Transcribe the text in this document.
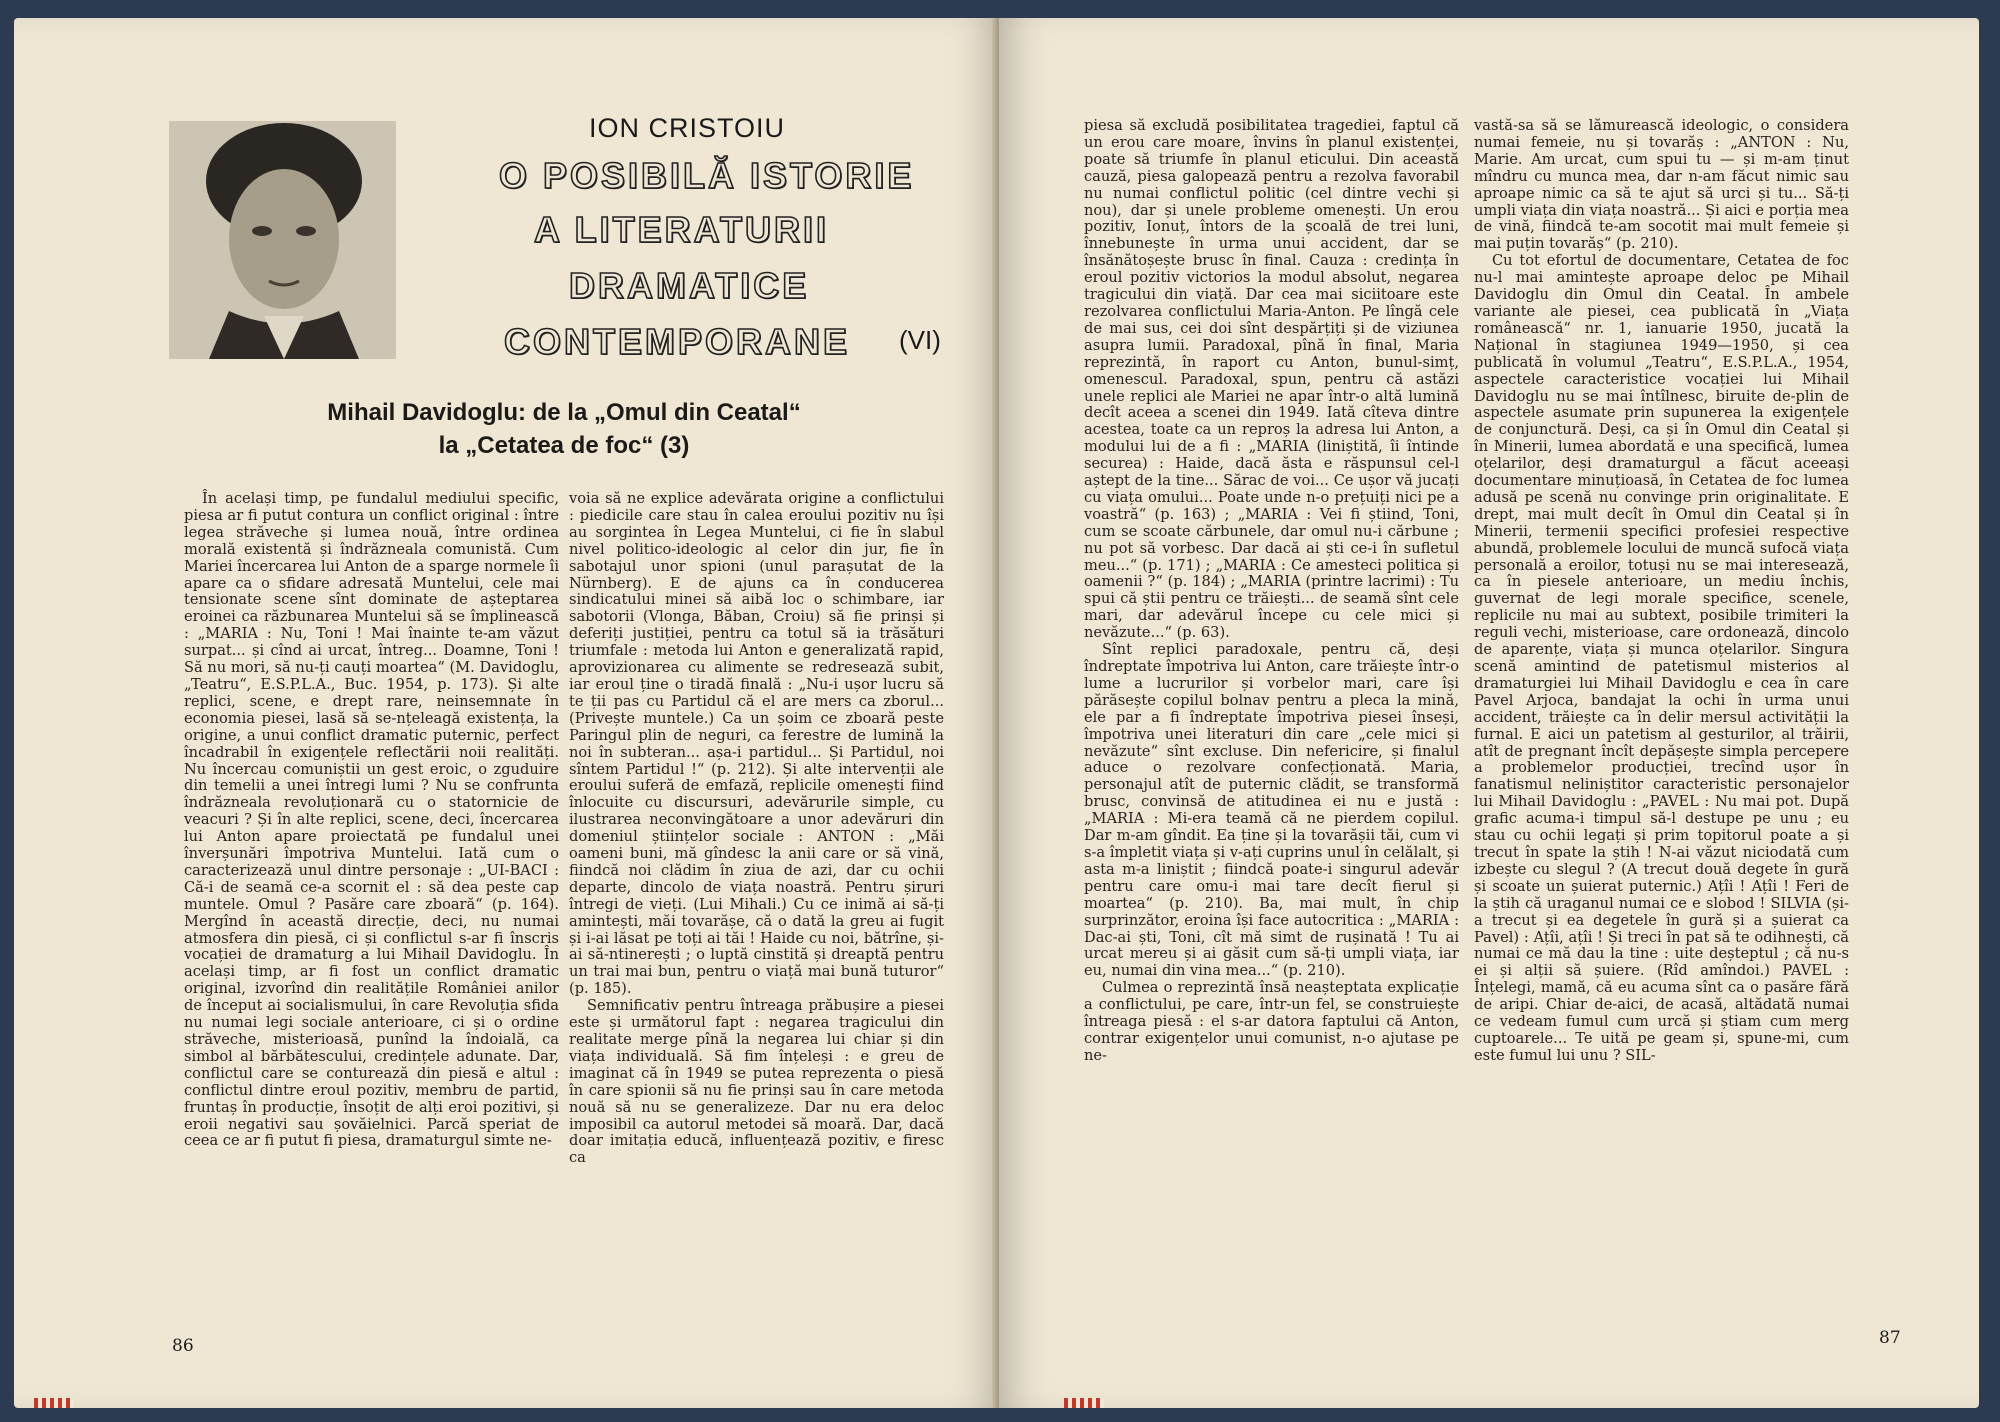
ION CRISTOIU
O POSIBILĂ ISTORIE
A LITERATURII
DRAMATICE
CONTEMPORANE (VI)
Mihail Davidoglu: de la „Omul din Ceatal“
la „Cetatea de foc“ (3)

În același timp, pe fundalul mediului specific, piesa ar fi putut contura un conflict original : între legea străveche și lumea nouă, între ordinea morală existentă și îndrăzneala comunistă. Cum Mariei încercarea lui Anton de a sparge normele îi apare ca o sfidare adresată Muntelui, cele mai tensionate scene sînt dominate de așteptarea eroinei ca răzbunarea Muntelui să se împlinească : „MARIA : Nu, Toni ! Mai înainte te-am văzut surpat... și cînd ai urcat, întreg... Doamne, Toni ! Să nu mori, să nu-ți cauți moartea“ (M. Davidoglu, „Teatru“, E.S.P.L.A., Buc. 1954, p. 173). Și alte replici, scene, e drept rare, neinsemnate în economia piesei, lasă să se-nțeleagă existența, la origine, a unui conflict dramatic puternic, perfect încadrabil în exigențele reflectării noii realități. Nu încercau comuniștii un gest eroic, o zguduire din temelii a unei întregi lumi ? Nu se confrunta îndrăzneala revoluționară cu o statornicie de veacuri ? Și în alte replici, scene, deci, încercarea lui Anton apare proiectată pe fundalul unei înverșunări împotriva Muntelui. Iată cum o caracterizează unul dintre personaje : „UI-BACI : Că-i de seamă ce-a scornit el : să dea peste cap muntele. Omul ? Pasăre care zboară“ (p. 164). Mergînd în această direcție, deci, nu numai atmosfera din piesă, ci și conflictul s-ar fi înscris vocației de dramaturg a lui Mihail Davidoglu. În același timp, ar fi fost un conflict dramatic original, izvorînd din realitățile României anilor de început ai socialismului, în care Revoluția sfida nu numai legi sociale anterioare, ci și o ordine străveche, misterioasă, punînd la îndoială, ca simbol al bărbătescului, credințele adunate. Dar, conflictul care se conturează din piesă e altul : conflictul dintre eroul pozitiv, membru de partid, fruntaș în producție, însoțit de alți eroi pozitivi, și eroii negativi sau șovăielnici. Parcă speriat de ceea ce ar fi putut fi piesa, dramaturgul simte ne-

voia să ne explice adevărata origine a conflictului : piedicile care stau în calea eroului pozitiv nu își au sorgintea în Legea Muntelui, ci fie în slabul nivel politico-ideologic al celor din jur, fie în sabotajul unor spioni (unul parașutat de la Nürnberg). E de ajuns ca în conducerea sindicatului minei să aibă loc o schimbare, iar sabotorii (Vlonga, Băban, Croiu) să fie prinși și deferiți justiției, pentru ca totul să ia trăsături triumfale : metoda lui Anton e generalizată rapid, aprovizionarea cu alimente se redresează subit, iar eroul ține o tiradă finală : „Nu-i ușor lucru să te ții pas cu Partidul că el are mers ca zborul... (Privește muntele.) Ca un șoim ce zboară peste Paringul plin de neguri, ca ferestre de lumină la noi în subteran... așa-i partidul... Și Partidul, noi sîntem Partidul !“ (p. 212). Și alte intervenții ale eroului suferă de emfază, replicile omenești fiind înlocuite cu discursuri, adevărurile simple, cu ilustrarea neconvingătoare a unor adevăruri din domeniul științelor sociale : ANTON : „Măi oameni buni, mă gîndesc la anii care or să vină, fiindcă noi clădim în ziua de azi, dar cu ochii departe, dincolo de viața noastră. Pentru șiruri întregi de vieți. (Lui Mihali.) Cu ce inimă ai să-ți amintești, măi tovarășe, că o dată la greu ai fugit și i-ai lăsat pe toți ai tăi ! Haide cu noi, bătrîne, și-ai să-ntinerești ; o luptă cinstită și dreaptă pentru un trai mai bun, pentru o viață mai bună tuturor“ (p. 185).

Semnificativ pentru întreaga prăbușire a piesei este și următorul fapt : negarea tragicului din realitate merge pînă la negarea lui chiar și din viața individuală. Să fim înțeleși : e greu de imaginat că în 1949 se putea reprezenta o piesă în care spionii să nu fie prinși sau în care metoda nouă să nu se generalizeze. Dar nu era deloc imposibil ca autorul metodei să moară. Dar, dacă doar imitația educă, influențează pozitiv, e firesc ca

86

piesa să excludă posibilitatea tragediei, faptul că un erou care moare, învins în planul existenței, poate să triumfe în planul eticului. Din această cauză, piesa galopează pentru a rezolva favorabil nu numai conflictul politic (cel dintre vechi și nou), dar și unele probleme omenești. Un erou pozitiv, Ionuț, întors de la școală de trei luni, înnebunește în urma unui accident, dar se însănătoșește brusc în final. Cauza : credința în eroul pozitiv victorios la modul absolut, negarea tragicului din viață. Dar cea mai siciitoare este rezolvarea conflictului Maria-Anton. Pe lîngă cele de mai sus, cei doi sînt despărțiți și de viziunea asupra lumii. Paradoxal, pînă în final, Maria reprezintă, în raport cu Anton, bunul-simț, omenescul. Paradoxal, spun, pentru că astăzi unele replici ale Mariei ne apar într-o altă lumină decît aceea a scenei din 1949. Iată cîteva dintre acestea, toate ca un reproș la adresa lui Anton, a modului lui de a fi : „MARIA (liniștită, îi întinde securea) : Haide, dacă ăsta e răspunsul cel-l aștept de la tine... Sărac de voi... Ce ușor vă jucați cu viața omului... Poate unde n-o prețuiți nici pe a voastră“ (p. 163) ; „MARIA : Vei fi știind, Toni, cum se scoate cărbunele, dar omul nu-i cărbune ; nu pot să vorbesc. Dar dacă ai ști ce-i în sufletul meu...“ (p. 171) ; „MARIA : Ce amesteci politica și oamenii ?“ (p. 184) ; „MARIA (printre lacrimi) : Tu spui că știi pentru ce trăiești... de seamă sînt cele mari, dar adevărul începe cu cele mici și nevăzute...“ (p. 63).

Sînt replici paradoxale, pentru că, deși îndreptate împotriva lui Anton, care trăiește într-o lume a lucrurilor și vorbelor mari, care își părăsește copilul bolnav pentru a pleca la mină, ele par a fi îndreptate împotriva piesei înseși, împotriva unei literaturi din care „cele mici și nevăzute“ sînt excluse. Din nefericire, și finalul aduce o rezolvare confecționată. Maria, personajul atît de puternic clădit, se transformă brusc, convinsă de atitudinea ei nu e justă : „MARIA : Mi-era teamă că ne pierdem copilul. Dar m-am gîndit. Ea ține și la tovarășii tăi, cum vi s-a împletit viața și v-ați cuprins unul în celălalt, și asta m-a liniștit ; fiindcă poate-i singurul adevăr pentru care omu-i mai tare decît fierul și moartea“ (p. 210). Ba, mai mult, în chip surprinzător, eroina își face autocritica : „MARIA : Dac-ai ști, Toni, cît mă simt de rușinată ! Tu ai urcat mereu și ai găsit cum să-ți umpli viața, iar eu, numai din vina mea...“ (p. 210).

Culmea o reprezintă însă neașteptata explicație a conflictului, pe care, într-un fel, se construiește întreaga piesă : el s-ar datora faptului că Anton, contrar exigențelor unui comunist, n-o ajutase pe ne-

vastă-sa să se lămurească ideologic, o considera numai femeie, nu și tovarăș : „ANTON : Nu, Marie. Am urcat, cum spui tu — și m-am ținut mîndru cu munca mea, dar n-am făcut nimic sau aproape nimic ca să te ajut să urci și tu... Să-ți umpli viața din viața noastră... Și aici e porția mea de vină, fiindcă te-am socotit mai mult femeie și mai puțin tovarăș“ (p. 210).

Cu tot efortul de documentare, Cetatea de foc nu-l mai amintește aproape deloc pe Mihail Davidoglu din Omul din Ceatal. În ambele variante ale piesei, cea publicată în „Viața românească“ nr. 1, ianuarie 1950, jucată la Național în stagiunea 1949—1950, și cea publicată în volumul „Teatru“, E.S.P.L.A., 1954, aspectele caracteristice vocației lui Mihail Davidoglu nu se mai întîlnesc, biruite de-plin de aspectele asumate prin supunerea la exigențele de conjunctură. Deși, ca și în Omul din Ceatal și în Minerii, lumea abordată e una specifică, lumea oțelarilor, deși dramaturgul a făcut aceeași documentare minuțioasă, în Cetatea de foc lumea adusă pe scenă nu convinge prin originalitate. E drept, mai mult decît în Omul din Ceatal și în Minerii, termenii specifici profesiei respective abundă, problemele locului de muncă sufocă viața personală a eroilor, totuși nu se mai interesează, ca în piesele anterioare, un mediu închis, guvernat de legi morale specifice, scenele, replicile nu mai au subtext, posibile trimiteri la reguli vechi, misterioase, care ordonează, dincolo de aparențe, viața și munca oțelarilor. Singura scenă amintind de patetismul misterios al dramaturgiei lui Mihail Davidoglu e cea în care Pavel Arjoca, bandajat la ochi în urma unui accident, trăiește ca în delir mersul activității la furnal. E aici un patetism al gesturilor, al trăirii, atît de pregnant încît depășește simpla percepere a problemelor producției, trecînd ușor în fanatismul neliniștitor caracteristic personajelor lui Mihail Davidoglu : „PAVEL : Nu mai pot. După grafic acuma-i timpul să-l destupe pe unu ; eu stau cu ochii legați și prim topitorul poate a și trecut în spate la știh ! N-ai văzut niciodată cum izbește cu slegul ? (A trecut două degete în gură și scoate un șuierat puternic.) Ațîi ! Ațîi ! Feri de la știh că uraganul numai ce e slobod ! SILVIA (și-a trecut și ea degetele în gură și a șuierat ca Pavel) : Ațîi, ațîi ! Și treci în pat să te odihnești, că numai ce mă dau la tine : uite deșteptul ; că nu-s ei și alții să șuiere. (Rîd amîndoi.) PAVEL : Înțelegi, mamă, că eu acuma sînt ca o pasăre fără de aripi. Chiar de-aici, de acasă, altădată numai ce vedeam fumul cum urcă și știam cum merg cuptoarele... Te uită pe geam și, spune-mi, cum este fumul lui unu ? SIL-

87
